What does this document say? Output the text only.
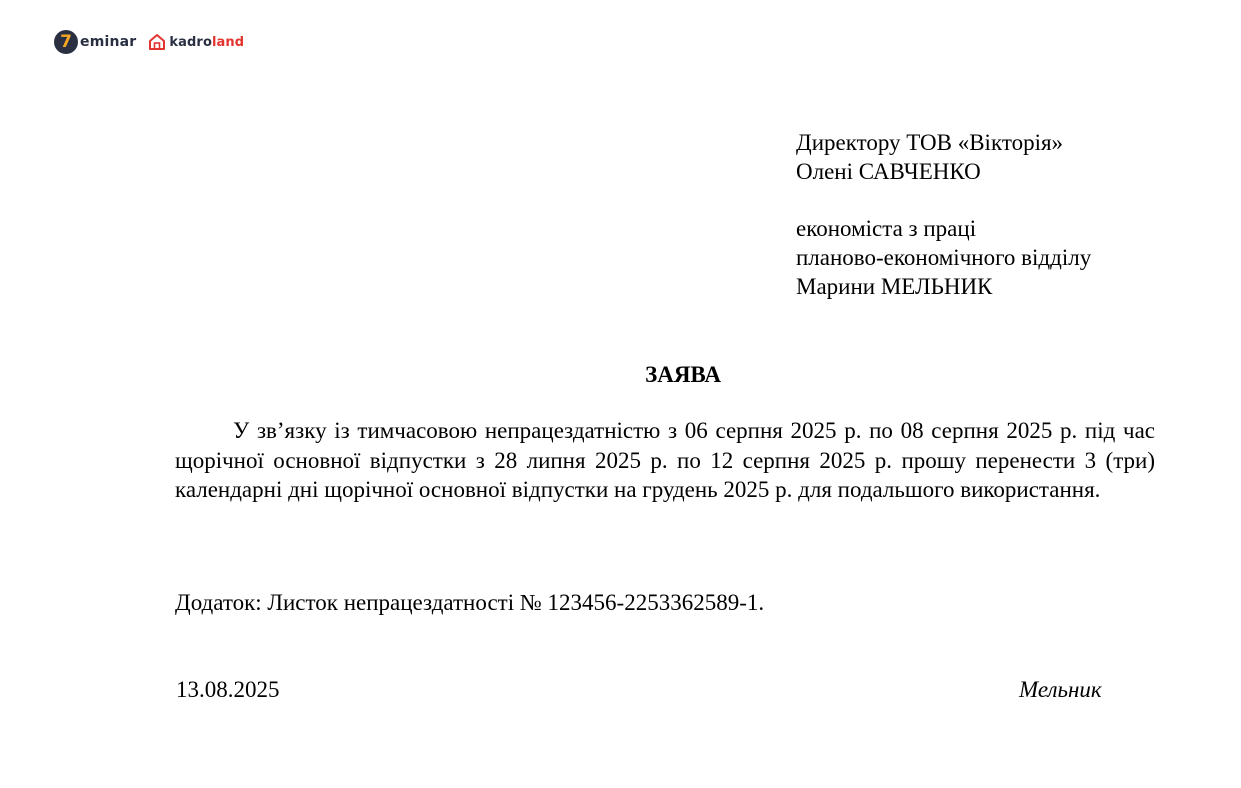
7 eminar	kadro land
Директору ТОВ «Вікторія»
Олені САВЧЕНКО
економіста з праці
планово-економічного відділу
Марини МЕЛЬНИК
ЗАЯВА
У зв’язку із тимчасовою непрацездатністю з 06 серпня 2025 р. по 08 серпня 2025 р. під час щорічної основної відпустки з 28 липня 2025 р. по 12 серпня 2025 р. прошу перенести 3 (три) календарні дні щорічної основної відпустки на грудень 2025 р. для подальшого використання.
Додаток: Листок непрацездатності № 123456-2253362589-1.
13.08.2025	Мельник
